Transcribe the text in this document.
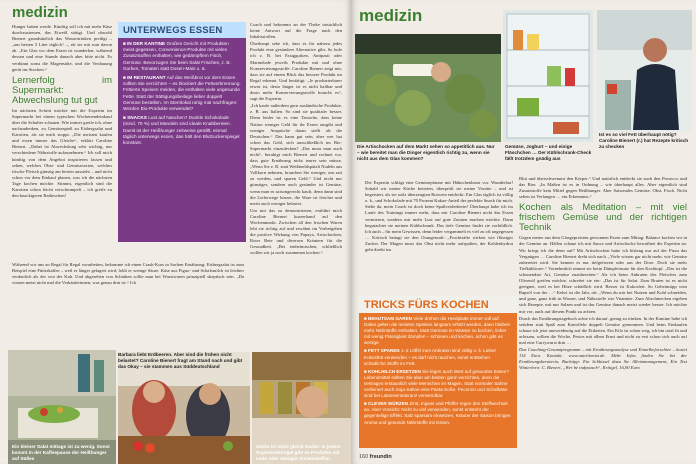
medizin

Hunger haben werde. Künftig soll ich mit mehr Käse durchzustreuen, das Eiweiß sättigt. Und obwohl Bienert grundsätzlich das Wassertrinken predigt – „am besten 3 Liter täglich“ –, rät sie mir nun davon ab. „Ein Glas vor dem Essen ist wunderbar, während dessen und eine Stunde danach aber bitte nicht. Es verdünnt sonst die Magensäfte, und die Verdauung gerät ins Stocken.“

Lernerfolg im Supermarkt: Abwechslung tut gut

Im nächsten Schritt möchte mir die Expertin im Supermarkt bei einem typischen Wochenendeinkauf über die Schulter schauen. Wie immer greife ich, ohne nachzudenken, zu Gemüsespieß zu Eisbergsalat und Karotten, als sie mich stoppt. „Die meisten kaufen und essen immer das Gleiche“, erklärt Caroline Bienert. „Dabei ist Abwechslung sehr wichtig, nur verschiedene Nährstoffe aufzunehmen.“ Ich soll mich künftig von dem Angebot inspirieren lassen und sehen, welches Obst- und Gemüsesorten, welches frische Fleisch günstig am besten aussieht – und nicht schon vor dem Einkauf planen, was ich die nächsten Tage kochen möchte. Stimmt, eigentlich sind die Karotten schon leicht verschrumpelt – ich greife zu den knackigeren Radieschen!

Während wir uns an Regal für Regal vorarbeiten, bekomme ich einen Crash-Kurs in Sachen Ernährung: Eisbergsalat ist zum Beispiel eine Fütterkalfee – weil er länger gelagert wird, lohlt er wenige Säure. Käse aus Figuo- und Schafsmilch ist leichter verdaulich als der von der Kuh. Und abgesehen von Schinken sollte man bei Wurstwaren prinzipiell skeptisch sein. „Da wissen meist nicht mal die Verkäuferinnen, was genau drin ist.“ Ich

UNTERWEGS ESSEN

■ IN DER KANTINE Großes Gericht mit Produkten meist gegessen, Convenience-Produkte mit vielen Zusatzstoffen enthalten, wie gedämpftem Fisch, Gemüse. Bevorzugen Sie beim Salat Frisches, z. B. Gurken, Tomaten statt Dosen-Mais u. ä.

■ IM RESTAURANT Auf das Weißbrot vor dem Essen sollten Sie verzichten – es blockiert die Fettverbrennung. Frittierte Speisen meiden, die enthalten viele ungesunde Fette. Statt der Sättigungsbeilage lieber doppelt Gemüse bestellen. Im Sternlokal ruhig mal nachfragen: Werden Bio-Produkte verwendet?

■ SNACKS Lust auf Naschen? Dunkle Schokolade (mind. 70 %) und Mandeln sind ideale Knabbereien. Damit ist der Heißhunger zeitweise gestillt, einmal täglich unterwegs essen, das hält den Blutzuckerspiegel konstant.

Coach und bekommt an der Theke tatsächlich keine Antwort auf die Frage nach den Inhaltsstoffen.

Überhaupt sehe ich, dass es für nahezu jedes Produkt eine gesündere Alternative gibt. So hole ich z. B. bei Essiggurken, Antipasti oder Marmelade jeweils Produkte mit und ohne Konservierungsstoffe. Caroline Bienert zeigt mir, dass sie auf einem Blick das bessere Produkt im Regal erkennt. Und bestätigt: „Je produzierbarer etwas ist, desto länger ist es nicht haltbar und desto mehr Konservierungsstoffe braucht es“, sagt die Expertin.

„Ich kaufe außerdem gern ausländische Produkte, z. B. aus Italien. So sind sie qualitativ besser. Denn leider ist es eine Tatsache, dass keine Nation weniger Geld für ihr Essen ausgibt und weniger Ansprüche daran stellt als die Deutschen.“ Das kann gut sein, aber wer hat schon das Geld, sich ausschließlich im Bio-Supermarkt einzudecken? „Das muss man auch nicht“, beruhigt mich Bienert und rechnet vor, dass gute Ernährung nicht teurer sein müsse. „Wenn Sie z. B. statt Weißmehlspätzli Nudeln aus Vollkorn nehmen, brauchen Sie weniger, um satt zu werden, und sparen Geld.“ Und nicht nur günstiger, sondern auch gesünder ist Gemüse, wenn man es saisongerecht kauft, denn dann sind die Lieferwege kürzer, die Ware ist frischer und meist auch weniger belastet.

Um mir das zu demonstrieren, entführt mich Caroline Bienert kurzerhand auf den Wochenmarkt. Zwischen all den frischen Waren lebt sie richtig auf und erwähnt im Vorbeigehen die positive Wirkung von Papaya, Artischocken, Roter Bete und diversen Kräutern für die Gesundheit. „Bei einheimischen, schließlich wollen wir ja noch zusammen kochen.“

Ein kleiner Salat mittags ist zu wenig. Sonst kommt in der Kaffeepause der Heißhunger auf Süßes
Barbara liebt Erdbeeren. Aber sind die frühen nicht belastet? Caroline Bienert fragt am Stand nach und gibt das Okay – sie stammen aus Süddeutschland
Gurke ist nicht gleich Gurke: In jedem Supermarktregal gibt es Produkte mit mehr oder weniger Zusatzstoffen
medizin
Die Artischocken auf dem Markt sehen so appetitlich aus. Nur – wie bereitet man die Dinger eigentlich richtig zu, wenn sie nicht aus dem Glas kommen?
Gemüse, Joghurt – und einige Fläschchen … Der Kühlschrank-Check fällt trotzdem gnädig aus
Ist es so viel Fett überhaupt nötig? Caroline Bienert (r.) hat Rezepte kritisch zu checken

Die Expertin schlägt eine Gemüsepfanne mit Hähnchenbrust vor. Wunderbar! Sobald wir meine Küche betreten, überprüft sie meine Vorräte – und ist begeistert, als sie stolz überzeugten Rotwein entdeckt: Ein Glas täglich ist völlig o. k., und Schokolade mit 70 Prozent Kakao-Anteil der perfekte Snack für mich. Siehe da, mein Coach ist doch keine Spaßverderberin! Überhaupt habe ich im Laufe des Trainings immer mehr, dass mir Caroline Bienert nicht das Essen vermiesen, sondern mir mehr Lust auf gute Zutaten machen möchte. Dann begutachtet sie meinen Kühlschrank. Das tiefe Gemüse findet sie vorbildlich. Ich auch – für mein Gewissen, denn leider vergammelt es viel zu oft ungegessen … Kritisch beäugt sie den Orangensaft: „Fruchtsäfte wirken wie flüssiger Zucker. Der Magen muss das Obst nicht mehr aufspalten, der Kohlenhydrat geht direkt ins

Blut und überschwemmt den Körper.“ Und natürlich entdeckt sie auch den Prosecco und das Bier. „In Maßen ist es in Ordnung – wie überhaupt alles. Aber eigentlich sind Zusatzstoffe kein Mittel gegen Heißhunger. Aber Saisonales Gemüse, Obst, Fisch. Nicht selten ist Verlangen … ein Erkenntnis.“

Kochen als Meditation – mit viel frischem Gemüse und der richtigen Technik

Gegen meine aus dem Glasgepreisten gewonnen Essen zum Mittag: Balance kochen wir in der Gemüse an. Hällen schaue ich mit Sauce und Artischocke bewaffnet die Expertin an. Wir kriegt ich die denn auf? Mit Artischocken hatte ich bislang nur auf der Pizza das Vergnügen … Caroline Bienert dreht sich nach. „Viele wissen gar nicht mehr, wie Gemüse zubereitet wird. Sie kennen es nur tiefgefroren oder aus der Dose. Doch sie mehr Tiefkühlware.“ Vornehmlich nimmt sie beim Dämpfeinsatz für den Kochtopf. „Das ist die schonendste Art, Gemüse zuzubereiten.“ Als ich beim Anbraten des Fleisches zum Olivenöl greifen möchte, schreitet sie ein: „Das ist für Salat. Zum Braten ist es nicht geeignet, weil es bei Hitze schädlich wird. Besser ist Kokosfett. So Geheimtipp vom Rapsöl von der …“ Kehrt ist die Jahr, rät: „Wenn du mir bei Nutzen und Kohl schneiden, und ganz, ganz früh in Wasser, und Nährstoffe wie Vitamine. Zum Abschmecken ergeben sich Rezepte, mit nur Salzen und ist das Gemüse danach meist wieder besser. Ich möchte mir vor, auch auf diesem Punkt zu achten.

Durch das Ernährungstagebuch achte ich darauf, genug zu trinken. In der Kantine habe ich seitdem statt Spaß zum Kartoffeln doppelt Gemüse genommen. Und beim Einkaufen schaue ich jetzt unzweideutig auf die Etiketten. Ein Kilo ist schon weg, ich bin total fit und achtsam, sollten die Woche, Pestos mit allem Ernst und nicht zu erst schon sich auch auf mal eine Currywurst drin …

Das Coaching-Gesamtprogramm – mit Ernährungsanalyse und Einzelbeforschiee – kostet 114 Euro. Kontakt: www.nutritionist.de. Mehr Infos finden Sie bei der Ernährungsberaterin, Buchtipp: Ein Schlüssel dazu Sie Alleinmanagement, Ein Test Winterlorn: C. Bienert, „Wer be indynasch“, Kritigel, 16,90 Euro

TRICKS FÜRS KOCHEN

■ BEHUTSAM GAREN Viele drehen die Herdplatte immer voll auf. Dabei gelten die meisten Speisen langsam erhitzt werden, dann bleiben mehr Nährstoffe enthalten. Statt Gemüse im Wasser zu kochen, lieber mit wenig Flüssigkeit dämpfen – schonen und kochen, schon gibt es wenige.

■ FETT SPAREN 1–2 Löffel zum Anbraten sind völlig o. k. Lieber Kokosfett verwenden – es darf nicht rauchen, sonst entstehen schädliche Stoffe im Fett.

■ KOHLHILCH ERSETZEN Sie legen auch Wert auf gesundes Essen? Lebensmittel sollten Sie aber am besten ganz verzichten, denn die vertragen erstaunlich viele Menschen im Magen. Statt normaler Sahne verfeinert auch Soja-Sahne eine Pasta-Soße. Pecorino und Schafkäse sind bei Laktoseintoleranz verwendbar.

■ CLEVER WÜRZEN Zimt, Ingwer und Pfeffer regen den Stoffwechsel an. Aber Vorsicht: Nicht zu viel verwenden, sonst entsteht der gegenteilige Effekt. Salz sparsam einsetzen, Kräuter der Saison bringen Aroma und gesunde Nährstoffe ins Essen.

160 freundin
